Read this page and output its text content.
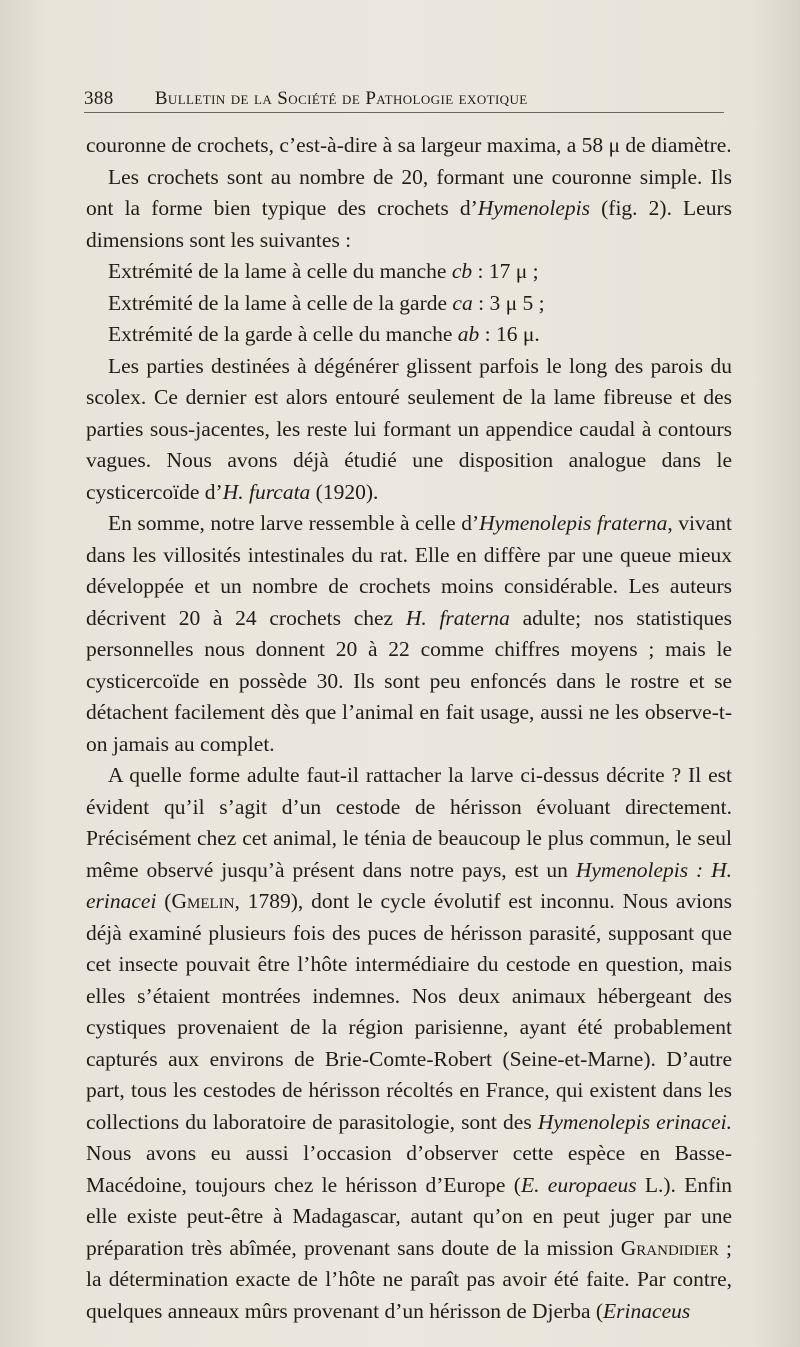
388 Bulletin de la Société de Pathologie exotique

couronne de crochets, c’est-à-dire à sa largeur maxima, a 58 μ de diamètre.

Les crochets sont au nombre de 20, formant une couronne simple. Ils ont la forme bien typique des crochets d’Hymenolepis (fig. 2). Leurs dimensions sont les suivantes :

Extrémité de la lame à celle du manche cb : 17 μ ;

Extrémité de la lame à celle de la garde ca : 3 μ 5 ;

Extrémité de la garde à celle du manche ab : 16 μ.

Les parties destinées à dégénérer glissent parfois le long des parois du scolex. Ce dernier est alors entouré seulement de la lame fibreuse et des parties sous-jacentes, les reste lui formant un appendice caudal à contours vagues. Nous avons déjà étudié une disposition analogue dans le cysticercoïde d’H. furcata (1920).

En somme, notre larve ressemble à celle d’Hymenolepis fraterna, vivant dans les villosités intestinales du rat. Elle en diffère par une queue mieux développée et un nombre de crochets moins considérable. Les auteurs décrivent 20 à 24 crochets chez H. fraterna adulte; nos statistiques personnelles nous donnent 20 à 22 comme chiffres moyens ; mais le cysticercoïde en possède 30. Ils sont peu enfoncés dans le rostre et se détachent facilement dès que l’animal en fait usage, aussi ne les observe-t-on jamais au complet.

A quelle forme adulte faut-il rattacher la larve ci-dessus décrite ? Il est évident qu’il s’agit d’un cestode de hérisson évoluant directement. Précisément chez cet animal, le ténia de beaucoup le plus commun, le seul même observé jusqu’à présent dans notre pays, est un Hymenolepis : H. erinacei (Gmelin, 1789), dont le cycle évolutif est inconnu. Nous avions déjà examiné plusieurs fois des puces de hérisson parasité, supposant que cet insecte pouvait être l’hôte intermédiaire du cestode en question, mais elles s’étaient montrées indemnes. Nos deux animaux hébergeant des cystiques provenaient de la région parisienne, ayant été probablement capturés aux environs de Brie-Comte-Robert (Seine-et-Marne). D’autre part, tous les cestodes de hérisson récoltés en France, qui existent dans les collections du laboratoire de parasitologie, sont des Hymenolepis erinacei. Nous avons eu aussi l’occasion d’observer cette espèce en Basse-Macédoine, toujours chez le hérisson d’Europe (E. europaeus L.). Enfin elle existe peut-être à Madagascar, autant qu’on en peut juger par une préparation très abîmée, provenant sans doute de la mission Grandidier ; la détermination exacte de l’hôte ne paraît pas avoir été faite. Par contre, quelques anneaux mûrs provenant d’un hérisson de Djerba (Erinaceus
